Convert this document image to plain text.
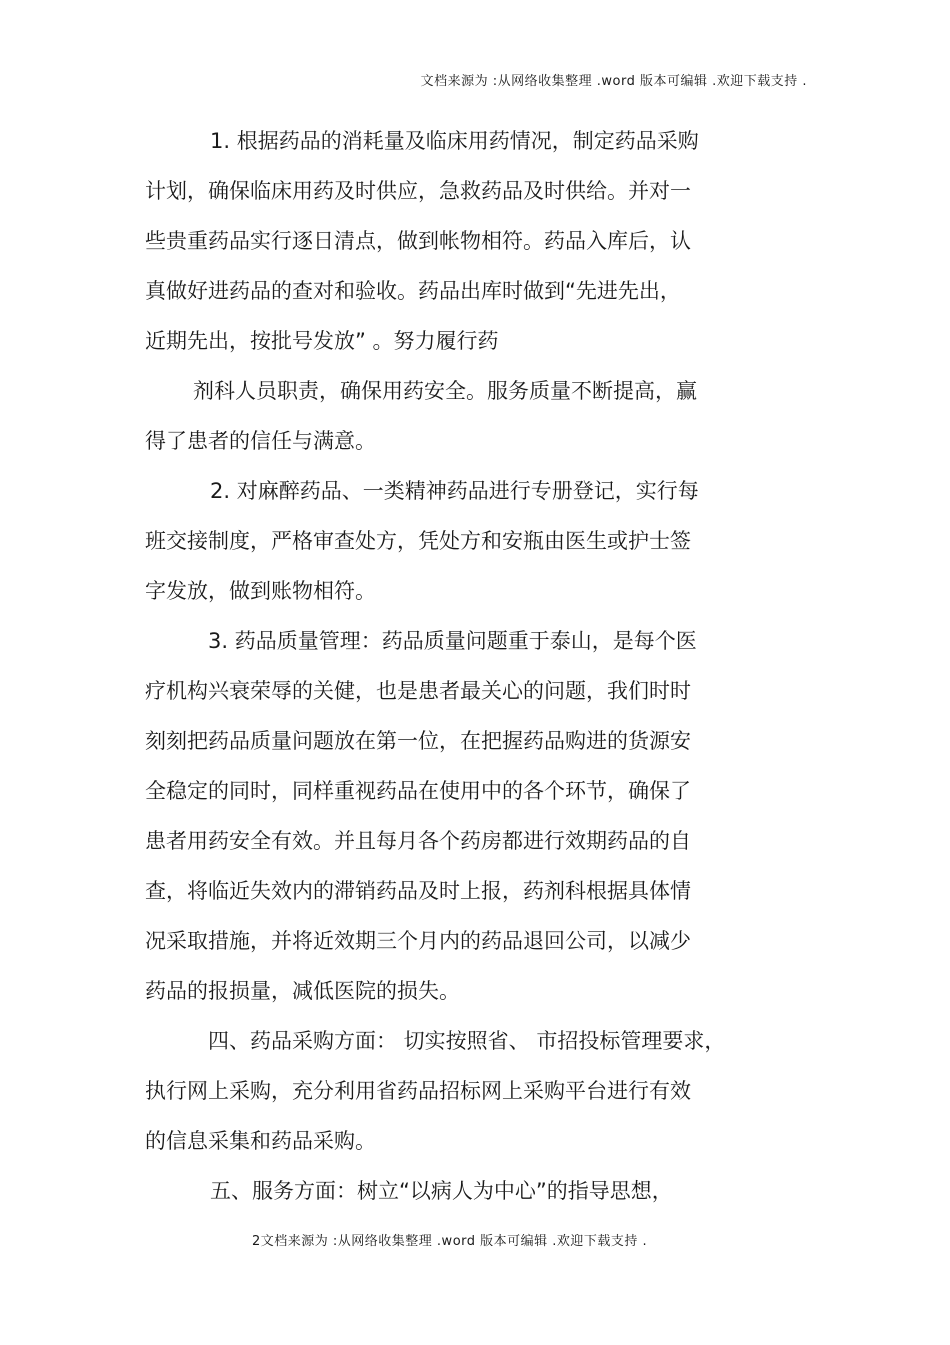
文档来源为 :从网络收集整理 .word 版本可编辑 .欢迎下载支持 .
1. 根据药品的消耗量及临床用药情况，制定药品采购
计划，确保临床用药及时供应，急救药品及时供给。并对一
些贵重药品实行逐日清点，做到帐物相符。药品入库后，认
真做好进药品的查对和验收。药品出库时做到“先进先出，
近期先出，按批号发放” 。努力履行药
剂科人员职责，确保用药安全。服务质量不断提高，赢
得了患者的信任与满意。
2. 对麻醉药品、一类精神药品进行专册登记，实行每
班交接制度，严格审查处方，凭处方和安瓶由医生或护士签
字发放，做到账物相符。
3. 药品质量管理：药品质量问题重于泰山，是每个医
疗机构兴衰荣辱的关健，也是患者最关心的问题，我们时时
刻刻把药品质量问题放在第一位，在把握药品购进的货源安
全稳定的同时，同样重视药品在使用中的各个环节，确保了
患者用药安全有效。并且每月各个药房都进行效期药品的自
查，将临近失效内的滞销药品及时上报，药剂科根据具体情
况采取措施，并将近效期三个月内的药品退回公司，以减少
药品的报损量，减低医院的损失。
四、药品采购方面： 切实按照省、 市招投标管理要求，
执行网上采购，充分利用省药品招标网上采购平台进行有效
的信息采集和药品采购。
五、服务方面：树立“以病人为中心”的指导思想，
2文档来源为 :从网络收集整理 .word 版本可编辑 .欢迎下载支持 .
